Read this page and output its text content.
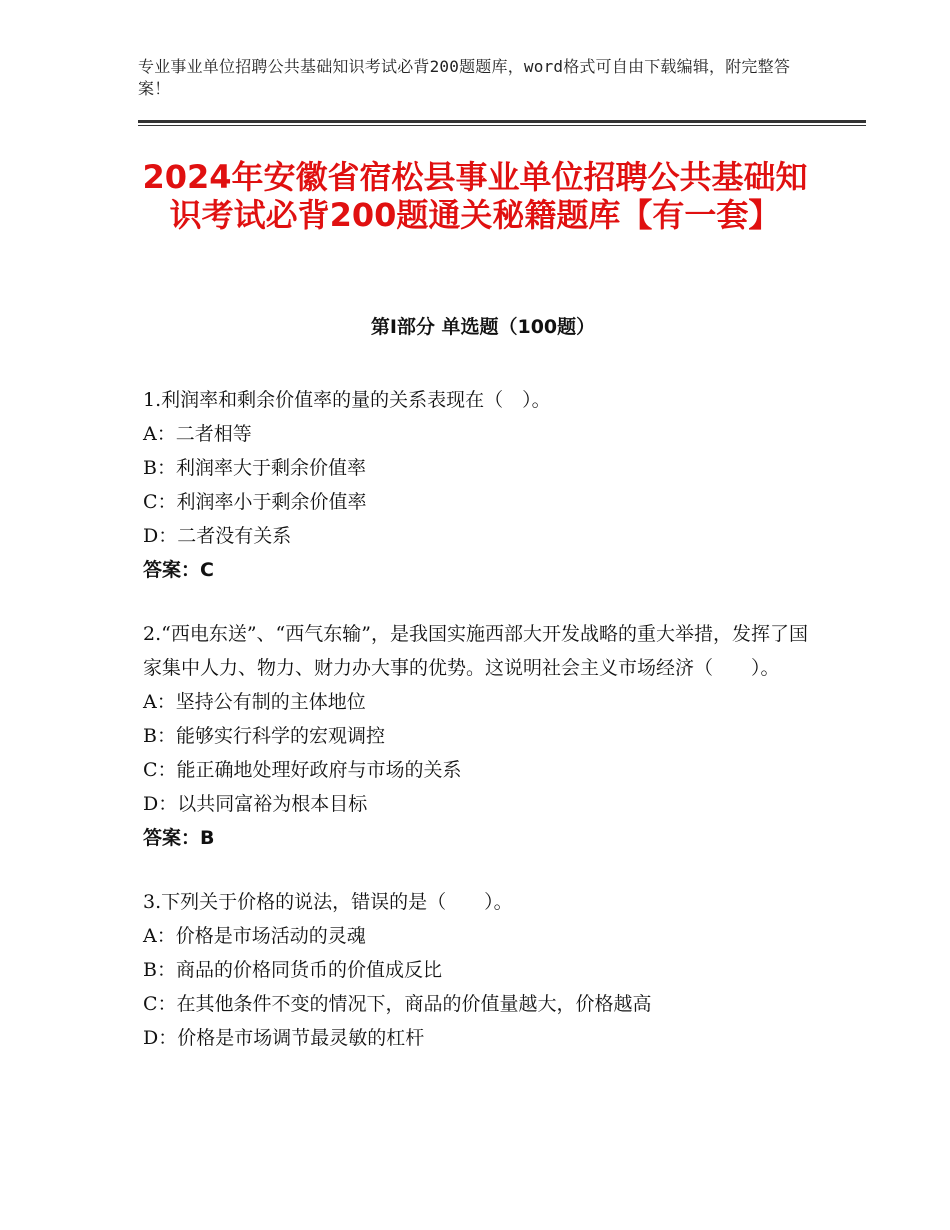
专业事业单位招聘公共基础知识考试必背200题题库，word格式可自由下载编辑，附完整答案！
2024年安徽省宿松县事业单位招聘公共基础知识考试必背200题通关秘籍题库【有一套】
第Ⅰ部分 单选题（100题）
1.利润率和剩余价值率的量的关系表现在（　）。
A：二者相等
B：利润率大于剩余价值率
C：利润率小于剩余价值率
D：二者没有关系
答案：C
2.“西电东送”、“西气东输”，是我国实施西部大开发战略的重大举措，发挥了国家集中人力、物力、财力办大事的优势。这说明社会主义市场经济（　　）。
A：坚持公有制的主体地位
B：能够实行科学的宏观调控
C：能正确地处理好政府与市场的关系
D：以共同富裕为根本目标
答案：B
3.下列关于价格的说法，错误的是（　　）。
A：价格是市场活动的灵魂
B：商品的价格同货币的价值成反比
C：在其他条件不变的情况下，商品的价值量越大，价格越高
D：价格是市场调节最灵敏的杠杆
